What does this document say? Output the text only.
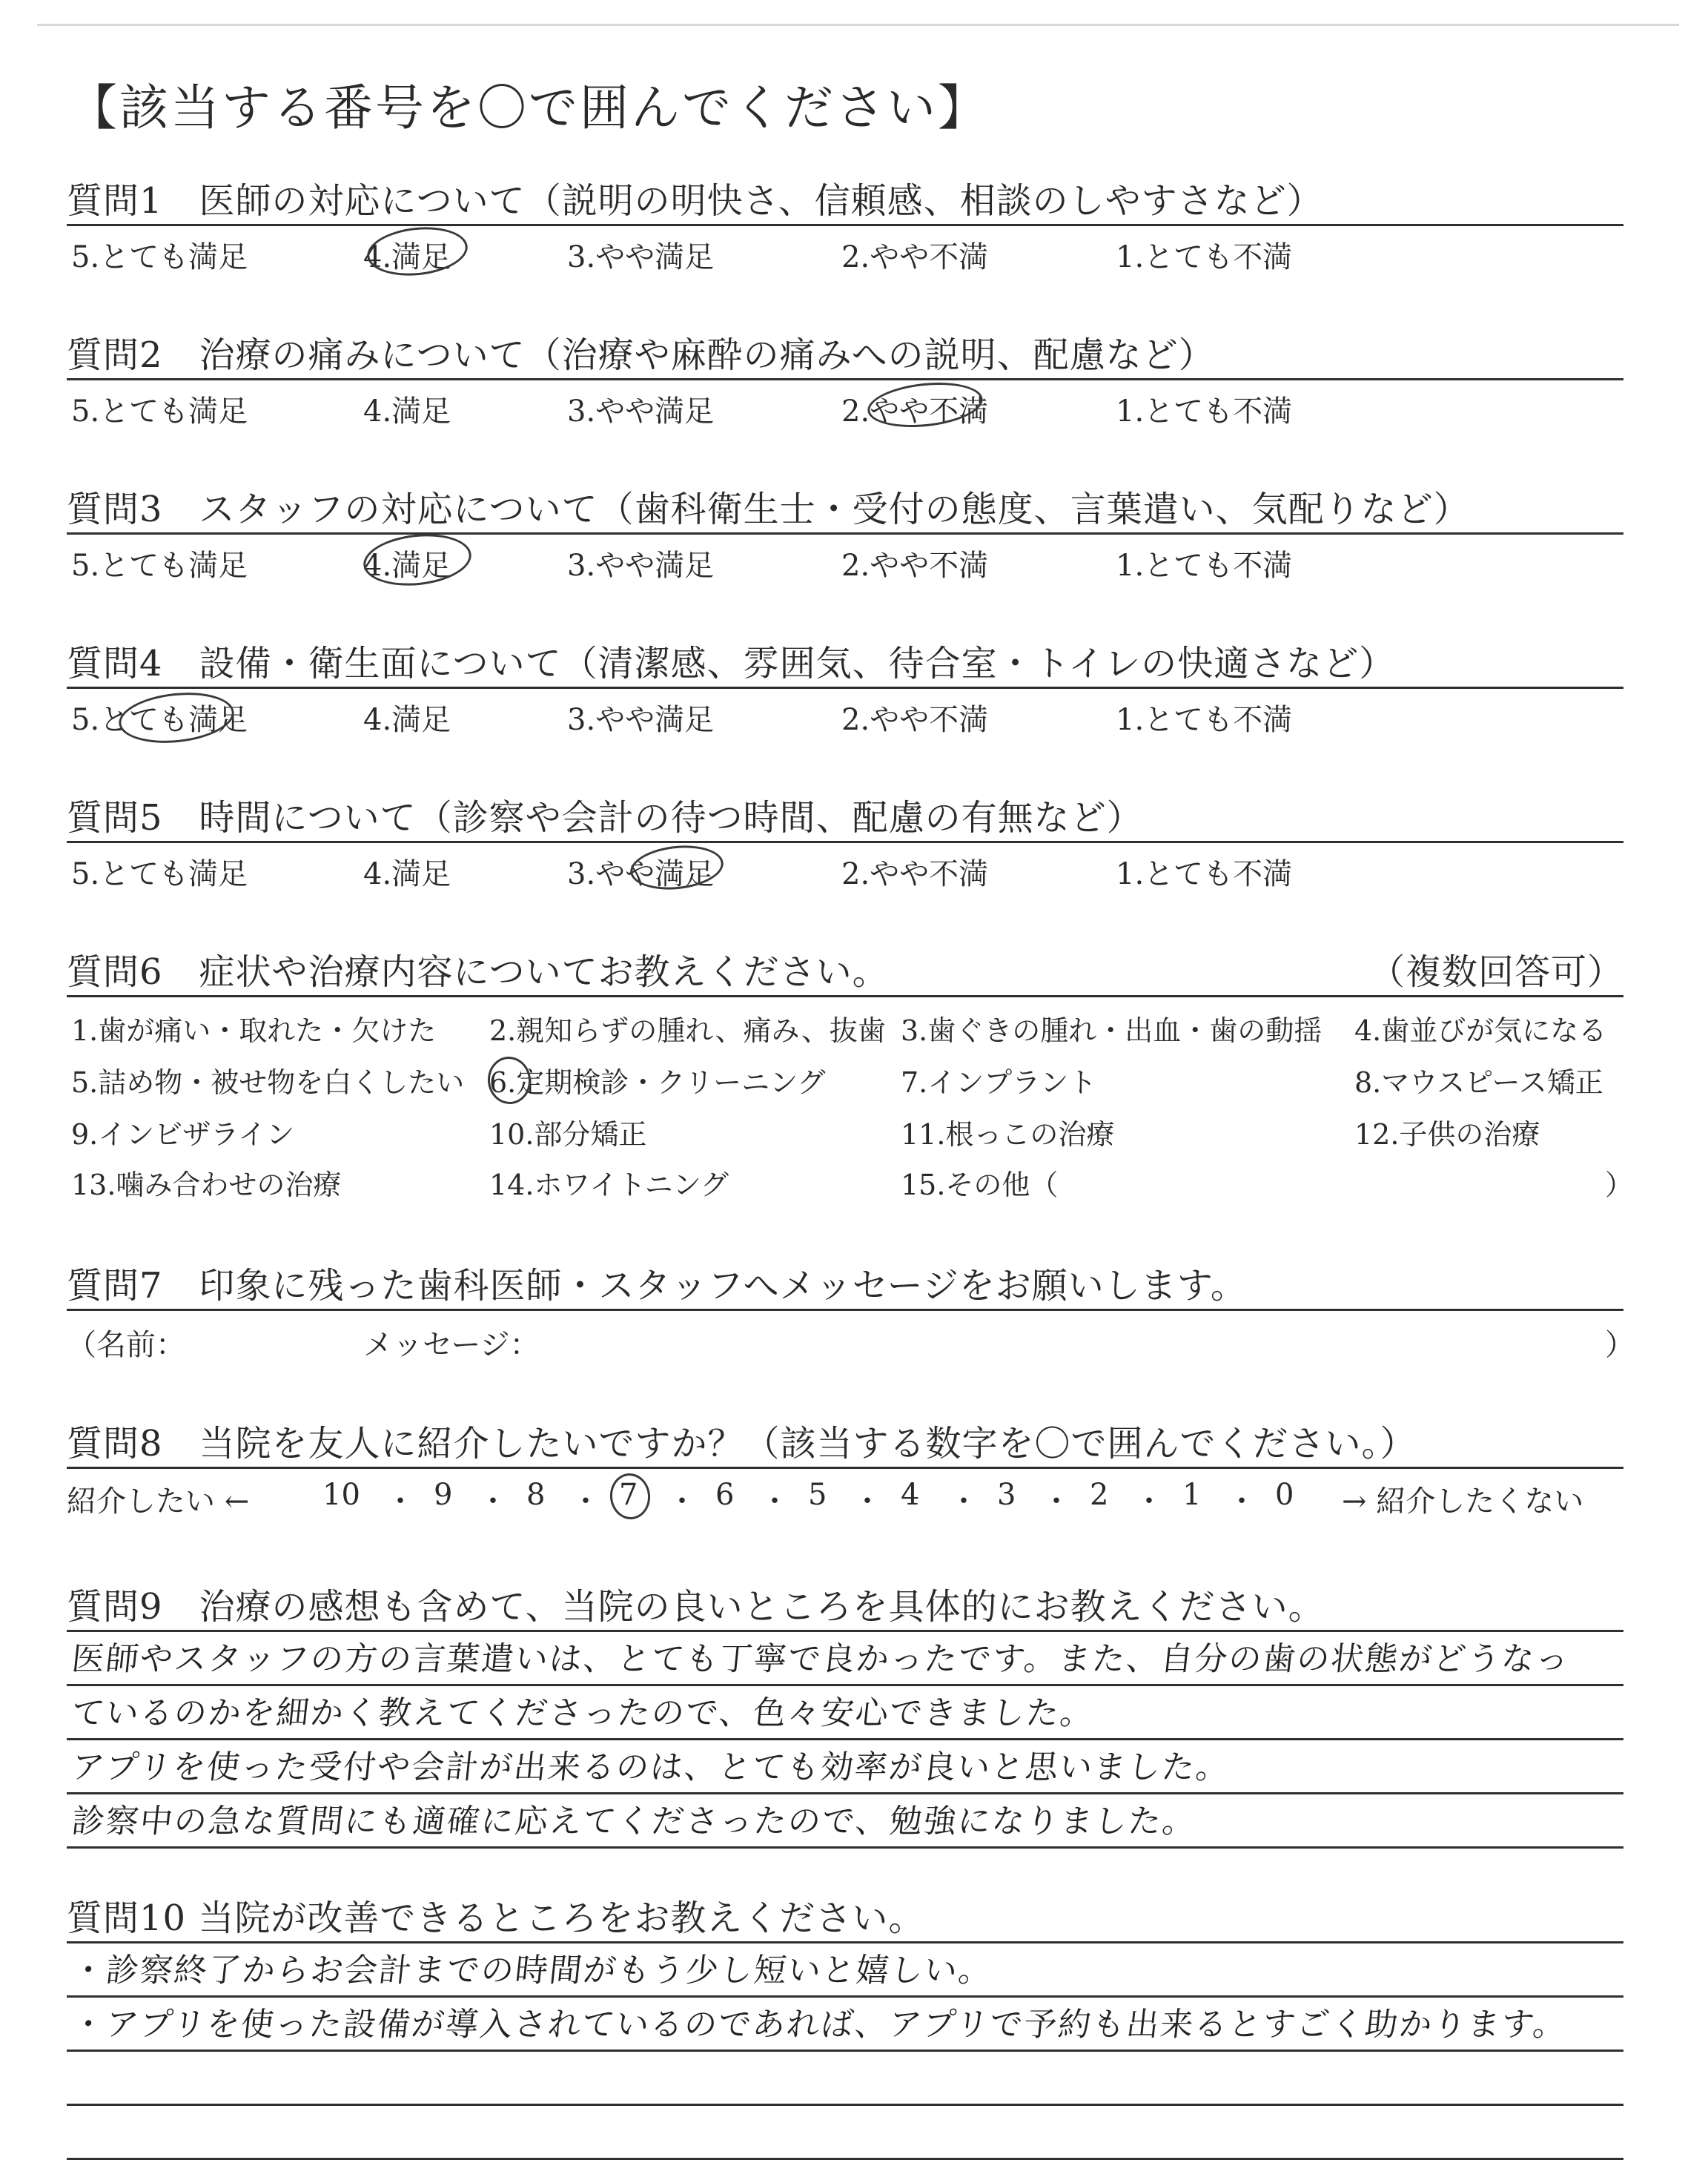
【該当する番号を〇で囲んでください】
質問1　医師の対応について（説明の明快さ、信頼感、相談のしやすさなど）
5.とても満足	4.満足	3.やや満足	2.やや不満	1.とても不満
質問2　治療の痛みについて（治療や麻酔の痛みへの説明、配慮など）
5.とても満足	4.満足	3.やや満足	2.やや不満	1.とても不満
質問3　スタッフの対応について（歯科衛生士・受付の態度、言葉遣い、気配りなど）
5.とても満足	4.満足	3.やや満足	2.やや不満	1.とても不満
質問4　設備・衛生面について（清潔感、雰囲気、待合室・トイレの快適さなど）
5.とても満足	4.満足	3.やや満足	2.やや不満	1.とても不満
質問5　時間について（診察や会計の待つ時間、配慮の有無など）
5.とても満足	4.満足	3.やや満足	2.やや不満	1.とても不満
質問6　症状や治療内容についてお教えください。	（複数回答可）
1.歯が痛い・取れた・欠けた 2.親知らずの腫れ、痛み、抜歯 3.歯ぐきの腫れ・出血・歯の動揺 4.歯並びが気になる
5.詰め物・被せ物を白くしたい 6.定期検診・クリーニング	7.インプラント	8.マウスピース矯正
9.インビザライン	10.部分矯正	11.根っこの治療	12.子供の治療
13.噛み合わせの治療	14.ホワイトニング	15.その他（	）
質問7　印象に残った歯科医師・スタッフへメッセージをお願いします。
（名前：	メッセージ：	）
質問8　当院を友人に紹介したいですか？（該当する数字を〇で囲んでください。）
紹介したい ← 10 ・ 9 ・ 8 ・ 7 ・ 6 ・ 5 ・ 4 ・ 3 ・ 2 ・ 1 ・ 0 → 紹介したくない
質問9　治療の感想も含めて、当院の良いところを具体的にお教えください。
医師やスタッフの方の言葉遣いは、とても丁寧で良かったです。また、自分の歯の状態がどうなっ
ているのかを細かく教えてくださったので、色々安心できました。
アプリを使った受付や会計が出来るのは、とても効率が良いと思いました。
診察中の急な質問にも適確に応えてくださったので、勉強になりました。
質問10 当院が改善できるところをお教えください。
・診察終了からお会計までの時間がもう少し短いと嬉しい。
・アプリを使った設備が導入されているのであれば、アプリで予約も出来るとすごく助かります。
